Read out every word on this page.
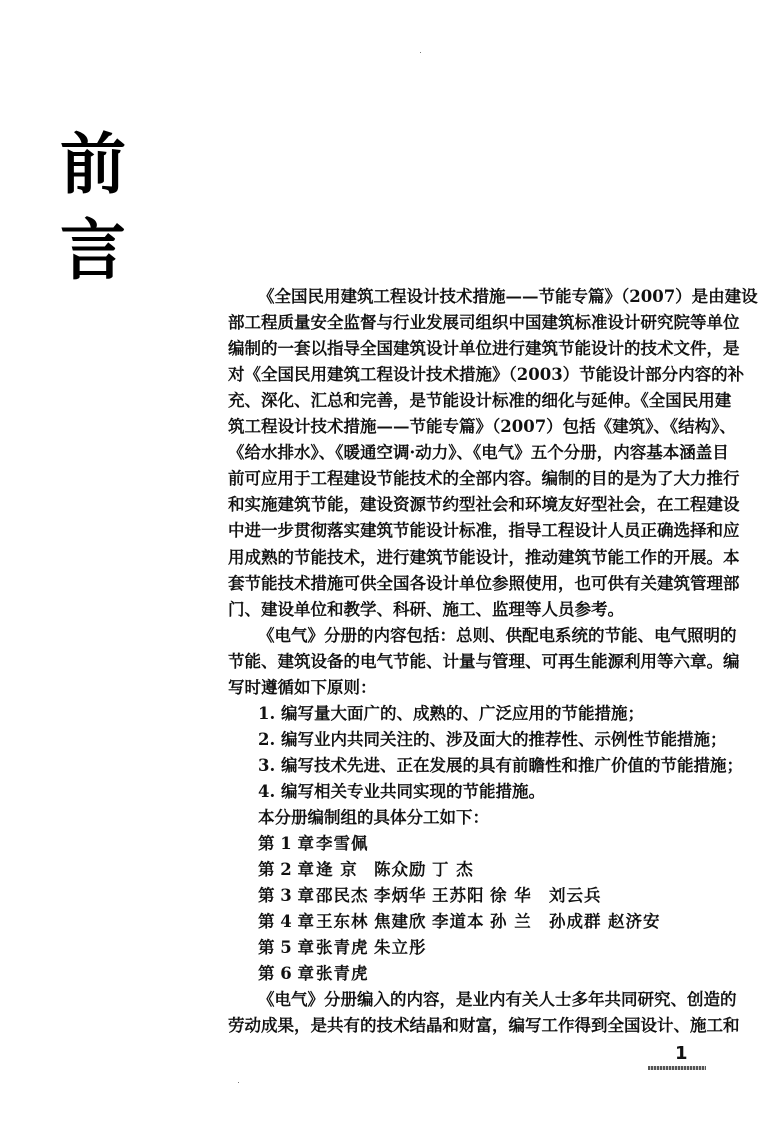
前
言
《全国民用建筑工程设计技术措施——节能专篇》（2007）是由建设
部工程质量安全监督与行业发展司组织中国建筑标准设计研究院等单位
编制的一套以指导全国建筑设计单位进行建筑节能设计的技术文件，是
对《全国民用建筑工程设计技术措施》（2003）节能设计部分内容的补
充、深化、汇总和完善，是节能设计标准的细化与延伸。《全国民用建
筑工程设计技术措施——节能专篇》（2007）包括《建筑》、《结构》、
《给水排水》、《暖通空调·动力》、《电气》五个分册，内容基本涵盖目
前可应用于工程建设节能技术的全部内容。编制的目的是为了大力推行
和实施建筑节能，建设资源节约型社会和环境友好型社会，在工程建设
中进一步贯彻落实建筑节能设计标准，指导工程设计人员正确选择和应
用成熟的节能技术，进行建筑节能设计，推动建筑节能工作的开展。本
套节能技术措施可供全国各设计单位参照使用，也可供有关建筑管理部
门、建设单位和教学、科研、施工、监理等人员参考。
《电气》分册的内容包括：总则、供配电系统的节能、电气照明的
节能、建筑设备的电气节能、计量与管理、可再生能源利用等六章。编
写时遵循如下原则：
1. 编写量大面广的、成熟的、广泛应用的节能措施；
2. 编写业内共同关注的、涉及面大的推荐性、示例性节能措施；
3. 编写技术先进、正在发展的具有前瞻性和推广价值的节能措施；
4. 编写相关专业共同实现的节能措施。
本分册编制组的具体分工如下：
第 1 章 李雪佩
第 2 章 逄 京 陈众励 丁 杰
第 3 章 邵民杰 李炳华 王苏阳 徐 华 刘云兵
第 4 章 王东林 焦建欣 李道本 孙 兰 孙成群 赵济安
第 5 章 张青虎 朱立彤
第 6 章 张青虎
《电气》分册编入的内容，是业内有关人士多年共同研究、创造的
劳动成果，是共有的技术结晶和财富，编写工作得到全国设计、施工和
1
